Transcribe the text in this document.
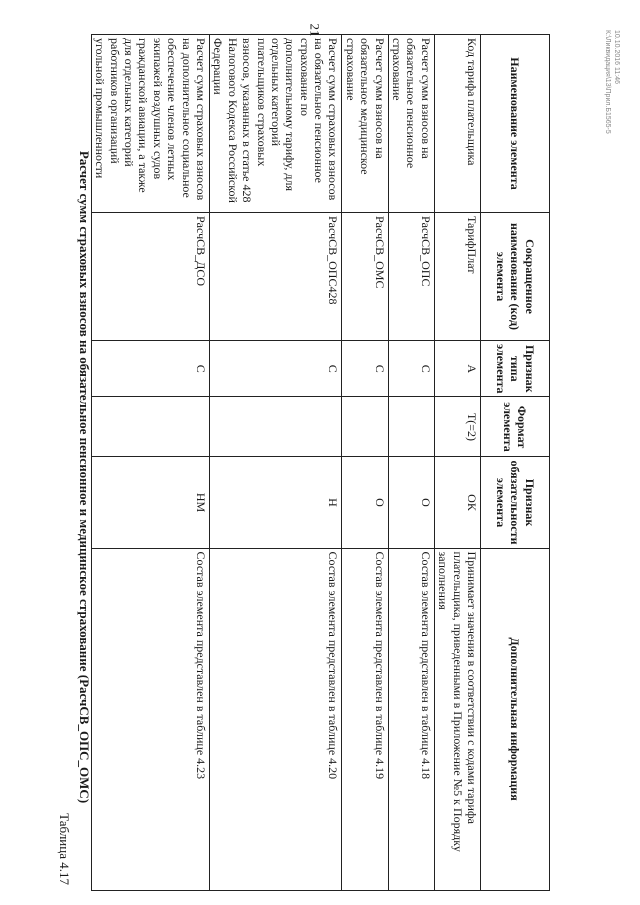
21
Таблица 4.17
Расчет сумм страховых взносов на обязательное пенсионное и медицинское страхование (РасчСВ_ОПС_ОМС)
Наименование элемента	Сокращенное наименование (код) элемента	Признак типа элемента	Формат элемента	Признак обязательности элемента	Дополнительная информация
Код тарифа плательщика	ТарифПлат	А	T(=2)	ОК	Принимает значения в соответствии с кодами тарифа плательщика, приведенными в Приложение №5 к Порядку заполнения
Расчет сумм взносов на обязательное пенсионное страхование	РасчСВ_ОПС	С		О	Состав элемента представлен в таблице 4.18
Расчет сумм взносов на обязательное медицинское страхование	РасчСВ_ОМС	С		О	Состав элемента представлен в таблице 4.19
Расчет сумм страховых взносов на обязательное пенсионное страхование по дополнительному тарифу, для отдельных категорий плательщиков страховых взносов, указанных в статье 428 Налогового Кодекса Российской Федерации	РасчСВ_ОПС428	С		Н	Состав элемента представлен в таблице 4.20
Расчет сумм страховых взносов на дополнительное социальное обеспечение членов летных экипажей воздушных судов гражданской авиации, а также для отдельных категорий работников организаций угольной промышленности	РасчСВ_ДСО	С		НМ	Состав элемента представлен в таблице 4.23
10.10.2016 11:46
К:\Ликвидация\13\Прил.Б1565-5
